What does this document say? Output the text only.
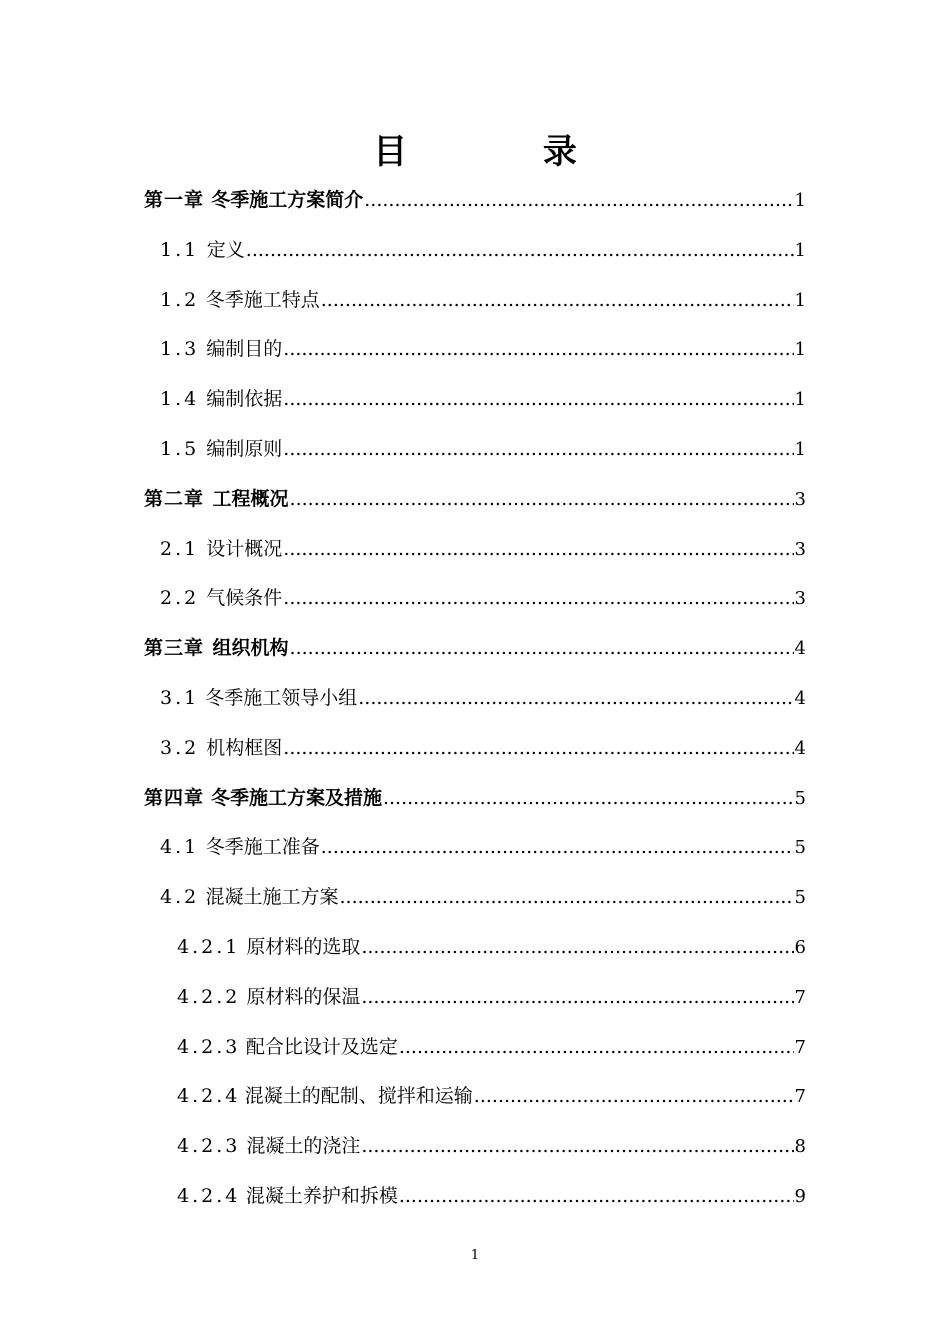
目 录
第一章 冬季施工方案简介 .....	1
1.1 定义 .....	1
1.2 冬季施工特点 .....	1
1.3 编制目的 .....	1
1.4 编制依据 .....	1
1.5 编制原则 .....	1
第二章 工程概况 .....	3
2.1 设计概况 .....	3
2.2 气候条件 .....	3
第三章 组织机构 .....	4
3.1 冬季施工领导小组 .....	4
3.2 机构框图 .....	4
第四章 冬季施工方案及措施 .....	5
4.1 冬季施工准备 .....	5
4.2 混凝土施工方案 .....	5
4.2.1 原材料的选取 .....	6
4.2.2 原材料的保温 .....	7
4.2.3 配合比设计及选定 .....	7
4.2.4 混凝土的配制、搅拌和运输 .....	7
4.2.3 混凝土的浇注 .....	8
4.2.4 混凝土养护和拆模 .....	9
1
